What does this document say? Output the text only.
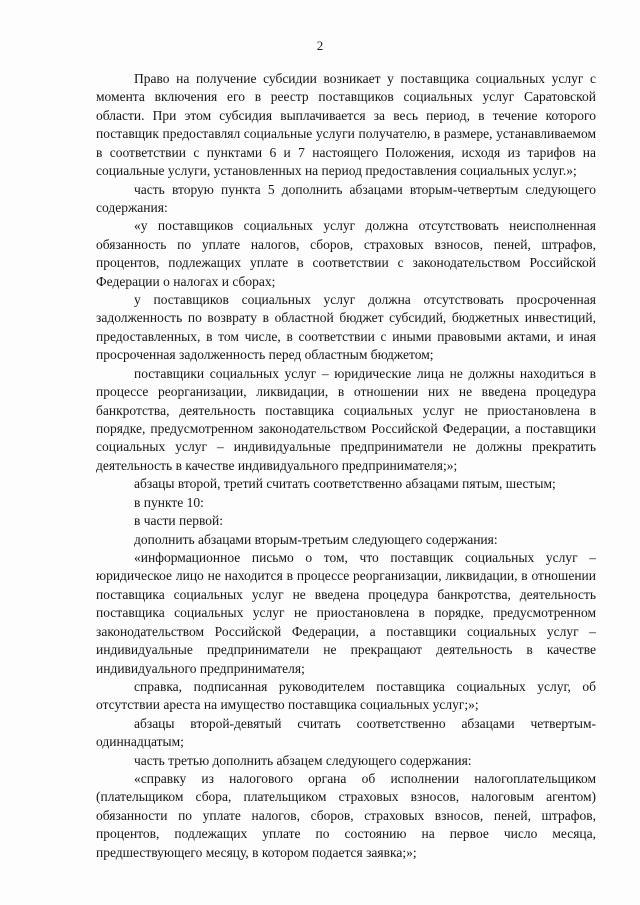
2

Право на получение субсидии возникает у поставщика социальных услуг с момента включения его в реестр поставщиков социальных услуг Саратовской области. При этом субсидия выплачивается за весь период, в течение которого поставщик предоставлял социальные услуги получателю, в размере, устанавливаемом в соответствии с пунктами 6 и 7 настоящего Положения, исходя из тарифов на социальные услуги, установленных на период предоставления социальных услуг.»;

часть вторую пункта 5 дополнить абзацами вторым-четвертым следующего содержания:

«у поставщиков социальных услуг должна отсутствовать неисполненная обязанность по уплате налогов, сборов, страховых взносов, пеней, штрафов, процентов, подлежащих уплате в соответствии с законодательством Российской Федерации о налогах и сборах;

у поставщиков социальных услуг должна отсутствовать просроченная задолженность по возврату в областной бюджет субсидий, бюджетных инвестиций, предоставленных, в том числе, в соответствии с иными правовыми актами, и иная просроченная задолженность перед областным бюджетом;

поставщики социальных услуг – юридические лица не должны находиться в процессе реорганизации, ликвидации, в отношении них не введена процедура банкротства, деятельность поставщика социальных услуг не приостановлена в порядке, предусмотренном законодательством Российской Федерации, а поставщики социальных услуг – индивидуальные предприниматели не должны прекратить деятельность в качестве индивидуального предпринимателя;»;

абзацы второй, третий считать соответственно абзацами пятым, шестым;

в пункте 10:

в части первой:

дополнить абзацами вторым-третьим следующего содержания:

«информационное письмо о том, что поставщик социальных услуг – юридическое лицо не находится в процессе реорганизации, ликвидации, в отношении поставщика социальных услуг не введена процедура банкротства, деятельность поставщика социальных услуг не приостановлена в порядке, предусмотренном законодательством Российской Федерации, а поставщики социальных услуг – индивидуальные предприниматели не прекращают деятельность в качестве индивидуального предпринимателя;

справка, подписанная руководителем поставщика социальных услуг, об отсутствии ареста на имущество поставщика социальных услуг;»;

абзацы второй-девятый считать соответственно абзацами четвертым-одиннадцатым;

часть третью дополнить абзацем следующего содержания:

«справку из налогового органа об исполнении налогоплательщиком (плательщиком сбора, плательщиком страховых взносов, налоговым агентом) обязанности по уплате налогов, сборов, страховых взносов, пеней, штрафов, процентов, подлежащих уплате по состоянию на первое число месяца, предшествующего месяцу, в котором подается заявка;»;
